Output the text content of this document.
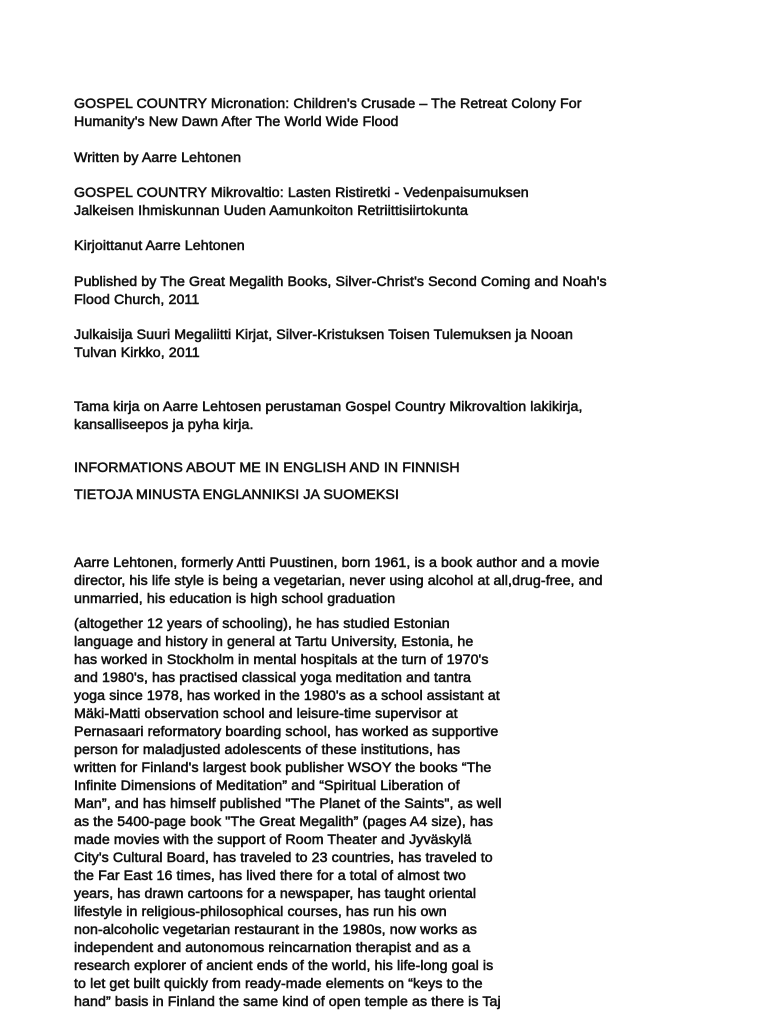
GOSPEL COUNTRY Micronation: Children's Crusade – The Retreat Colony For
Humanity's New Dawn After The World Wide Flood
Written by Aarre Lehtonen
GOSPEL COUNTRY Mikrovaltio: Lasten Ristiretki - Vedenpaisumuksen
Jalkeisen Ihmiskunnan Uuden Aamunkoiton Retriittisiirtokunta
Kirjoittanut Aarre Lehtonen
Published by The Great Megalith Books, Silver-Christ's Second Coming and Noah's
Flood Church, 2011
Julkaisija Suuri Megaliitti Kirjat, Silver-Kristuksen Toisen Tulemuksen ja Nooan
Tulvan Kirkko, 2011
Tama kirja on Aarre Lehtosen perustaman Gospel Country Mikrovaltion lakikirja,
kansalliseepos ja pyha kirja.
INFORMATIONS ABOUT ME IN ENGLISH AND IN FINNISH
TIETOJA MINUSTA ENGLANNIKSI JA SUOMEKSI
Aarre Lehtonen, formerly Antti Puustinen, born 1961, is a book author and a movie
director, his life style is being a vegetarian, never using alcohol at all,drug-free, and
unmarried, his education is high school graduation
(altogether 12 years of schooling), he has studied Estonian
language and history in general at Tartu University, Estonia, he
has worked in Stockholm in mental hospitals at the turn of 1970's
and 1980's, has practised classical yoga meditation and tantra
yoga since 1978, has worked in the 1980's as a school assistant at
Mäki-Matti observation school and leisure-time supervisor at
Pernasaari reformatory boarding school, has worked as supportive
person for maladjusted adolescents of these institutions, has
written for Finland's largest book publisher WSOY the books “The
Infinite Dimensions of Meditation” and “Spiritual Liberation of
Man”, and has himself published "The Planet of the Saints", as well
as the 5400-page book "The Great Megalith” (pages A4 size), has
made movies with the support of Room Theater and Jyväskylä
City's Cultural Board, has traveled to 23 countries, has traveled to
the Far East 16 times, has lived there for a total of almost two
years, has drawn cartoons for a newspaper, has taught oriental
lifestyle in religious-philosophical courses, has run his own
non-alcoholic vegetarian restaurant in the 1980s, now works as
independent and autonomous reincarnation therapist and as a
research explorer of ancient ends of the world, his life-long goal is
to let get built quickly from ready-made elements on “keys to the
hand” basis in Finland the same kind of open temple as there is Taj
